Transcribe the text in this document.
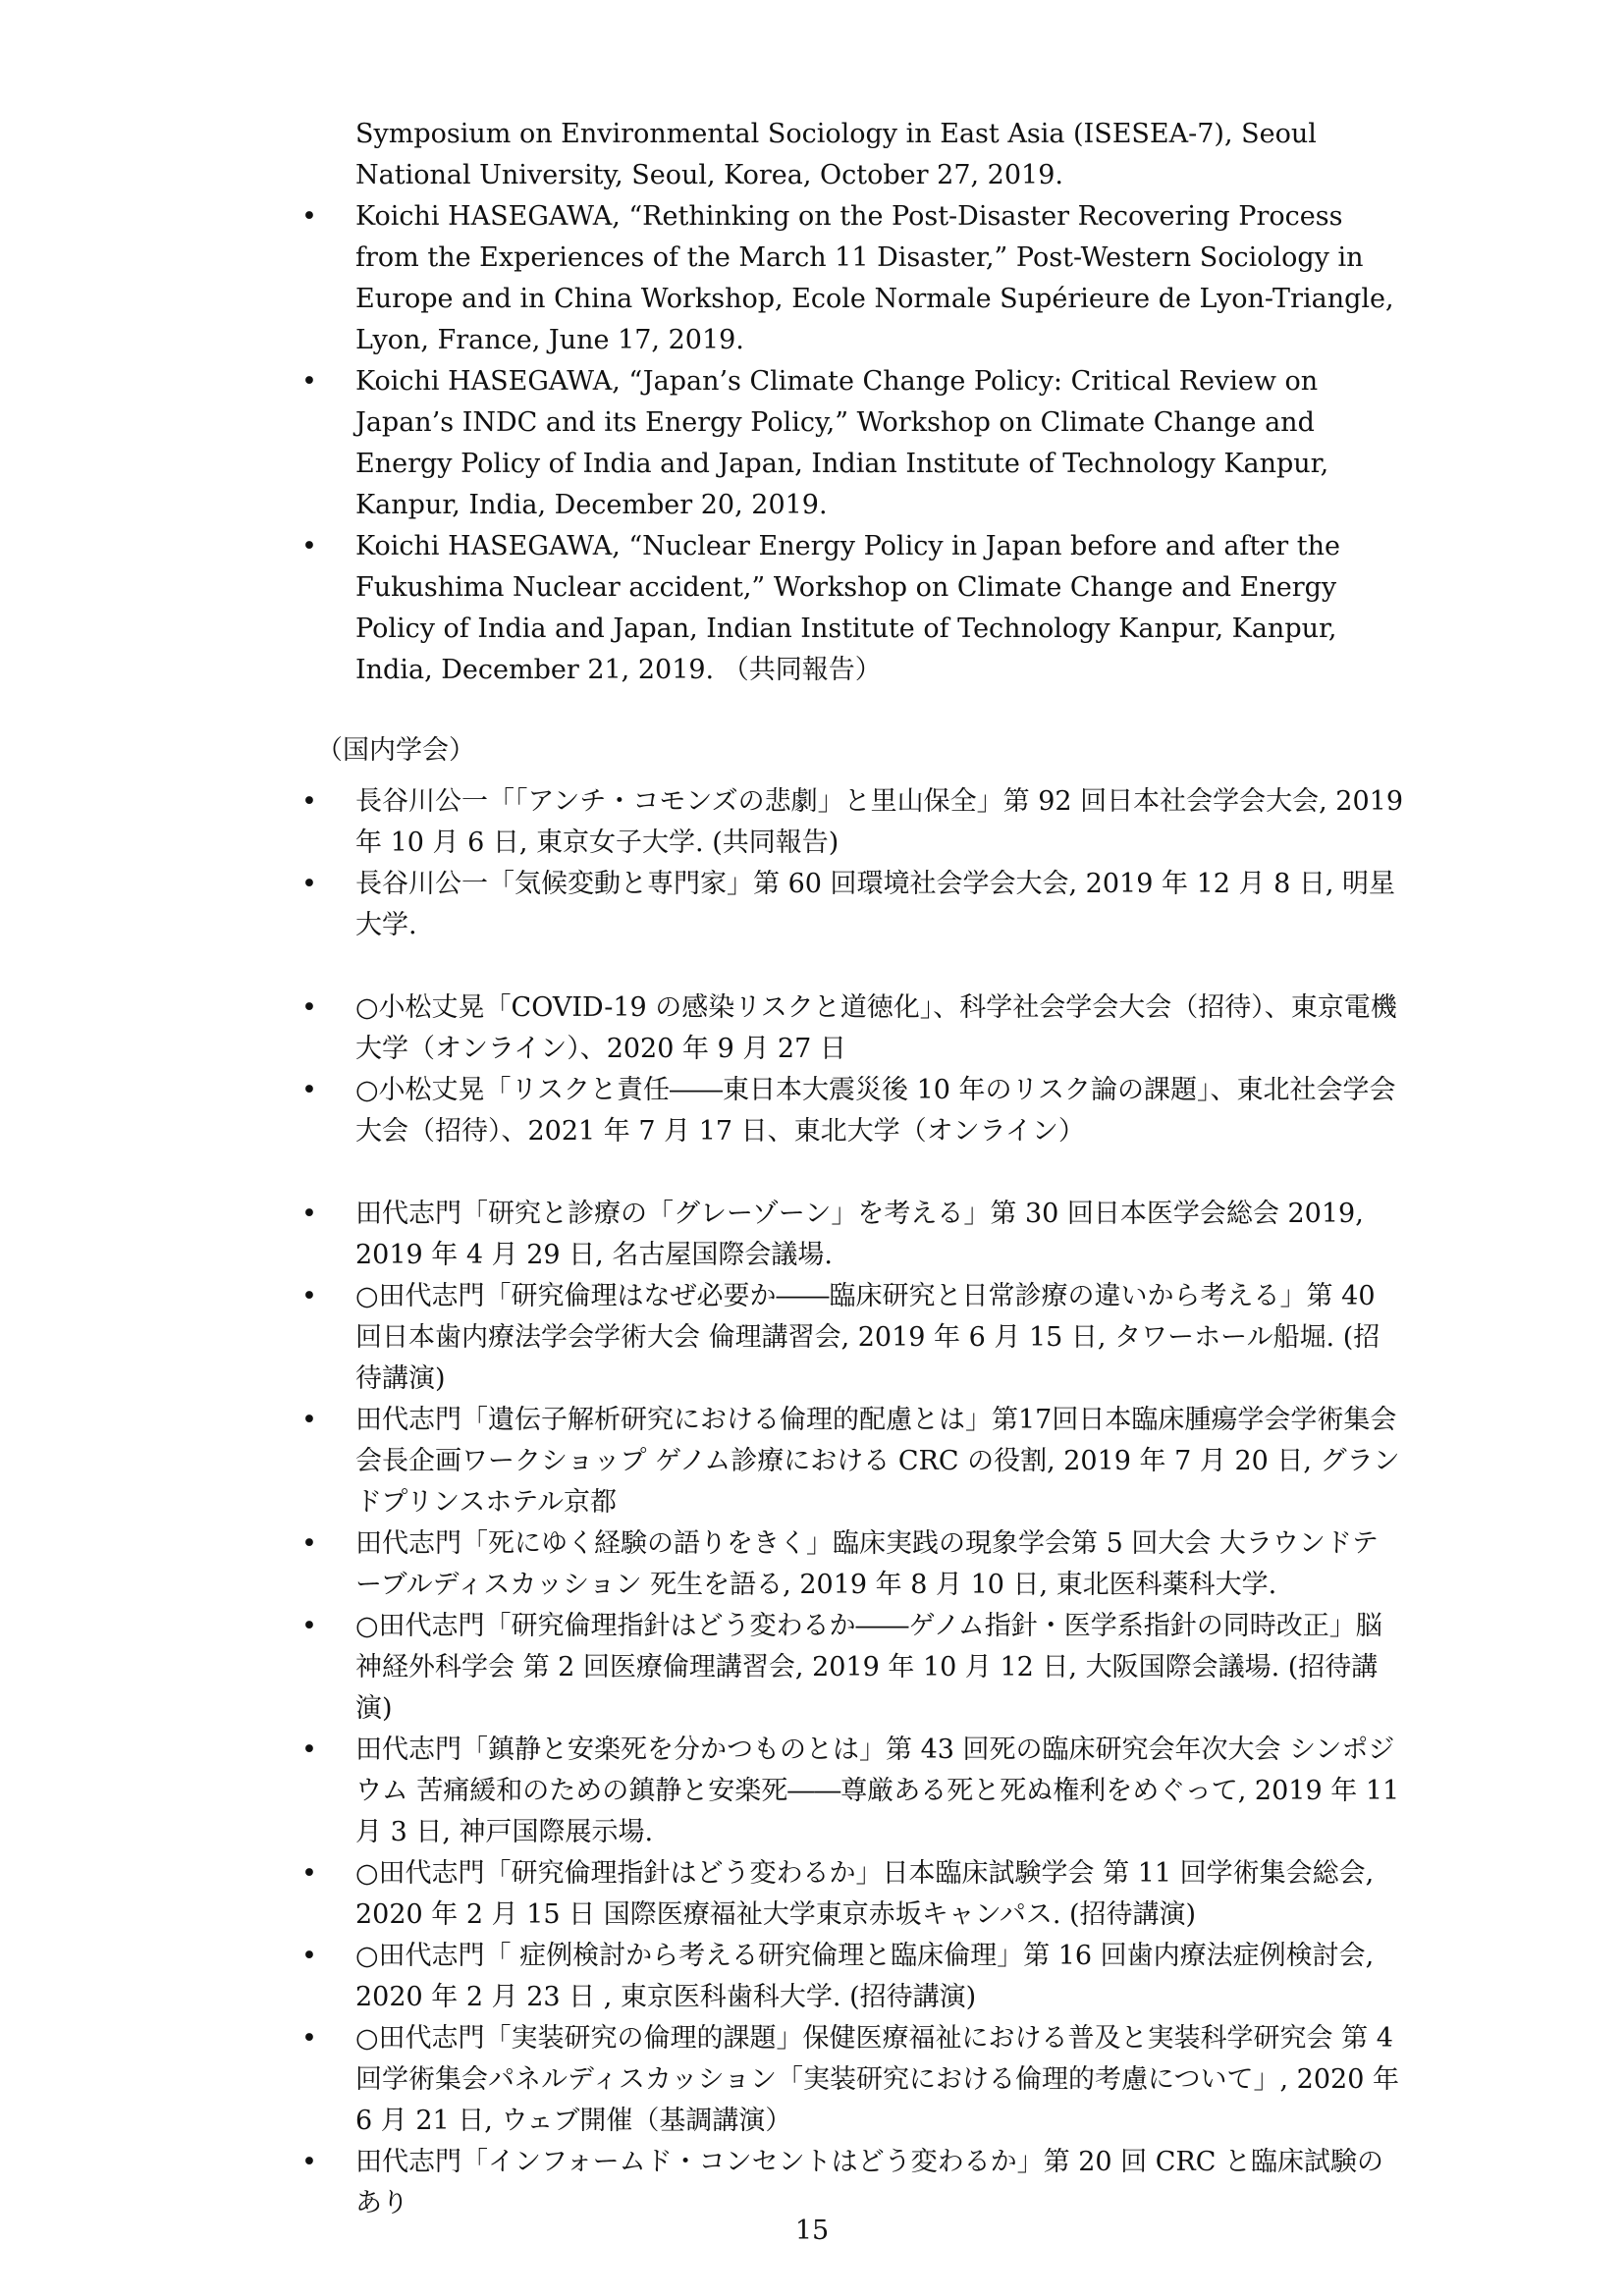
Symposium on Environmental Sociology in East Asia (ISESEA-7), Seoul National University, Seoul, Korea, October 27, 2019.

• Koichi HASEGAWA, “Rethinking on the Post-Disaster Recovering Process from the Experiences of the March 11 Disaster,” Post-Western Sociology in Europe and in China Workshop, Ecole Normale Supérieure de Lyon-Triangle, Lyon, France, June 17, 2019.
• Koichi HASEGAWA, “Japan’s Climate Change Policy: Critical Review on Japan’s INDC and its Energy Policy,” Workshop on Climate Change and Energy Policy of India and Japan, Indian Institute of Technology Kanpur, Kanpur, India, December 20, 2019.
• Koichi HASEGAWA, “Nuclear Energy Policy in Japan before and after the Fukushima Nuclear accident,” Workshop on Climate Change and Energy Policy of India and Japan, Indian Institute of Technology Kanpur, Kanpur, India, December 21, 2019. （共同報告）
（国内学会）
• 長谷川公一「「アンチ・コモンズの悲劇」と里山保全」第 92 回日本社会学会大会, 2019 年 10 月 6 日, 東京女子大学. (共同報告)
• 長谷川公一「気候変動と専門家」第 60 回環境社会学会大会, 2019 年 12 月 8 日, 明星大学.
• ○小松丈晃「COVID-19 の感染リスクと道徳化」、科学社会学会大会（招待）、東京電機大学（オンライン）、2020 年 9 月 27 日
• ○小松丈晃「リスクと責任――東日本大震災後 10 年のリスク論の課題」、東北社会学会大会（招待）、2021 年 7 月 17 日、東北大学（オンライン）
• 田代志門「研究と診療の「グレーゾーン」を考える」第 30 回日本医学会総会 2019, 2019 年 4 月 29 日, 名古屋国際会議場.
• ○田代志門「研究倫理はなぜ必要か――臨床研究と日常診療の違いから考える」第 40 回日本歯内療法学会学術大会 倫理講習会, 2019 年 6 月 15 日, タワーホール船堀. (招待講演)
• 田代志門「遺伝子解析研究における倫理的配慮とは」第17回日本臨床腫瘍学会学術集会 会長企画ワークショップ ゲノム診療における CRC の役割, 2019 年 7 月 20 日, グランドプリンスホテル京都
• 田代志門「死にゆく経験の語りをきく」臨床実践の現象学会第 5 回大会 大ラウンドテーブルディスカッション 死生を語る, 2019 年 8 月 10 日, 東北医科薬科大学.
• ○田代志門「研究倫理指針はどう変わるか――ゲノム指針・医学系指針の同時改正」脳神経外科学会 第 2 回医療倫理講習会, 2019 年 10 月 12 日, 大阪国際会議場. (招待講演)
• 田代志門「鎮静と安楽死を分かつものとは」第 43 回死の臨床研究会年次大会 シンポジウム 苦痛緩和のための鎮静と安楽死――尊厳ある死と死ぬ権利をめぐって, 2019 年 11 月 3 日, 神戸国際展示場.
• ○田代志門「研究倫理指針はどう変わるか」日本臨床試験学会 第 11 回学術集会総会, 2020 年 2 月 15 日 国際医療福祉大学東京赤坂キャンパス. (招待講演)
• ○田代志門「 症例検討から考える研究倫理と臨床倫理」第 16 回歯内療法症例検討会, 2020 年 2 月 23 日 , 東京医科歯科大学. (招待講演)
• ○田代志門「実装研究の倫理的課題」保健医療福祉における普及と実装科学研究会 第 4 回学術集会パネルディスカッション「実装研究における倫理的考慮について」, 2020 年 6 月 21 日, ウェブ開催（基調講演）
• 田代志門「インフォームド・コンセントはどう変わるか」第 20 回 CRC と臨床試験のあり
15
